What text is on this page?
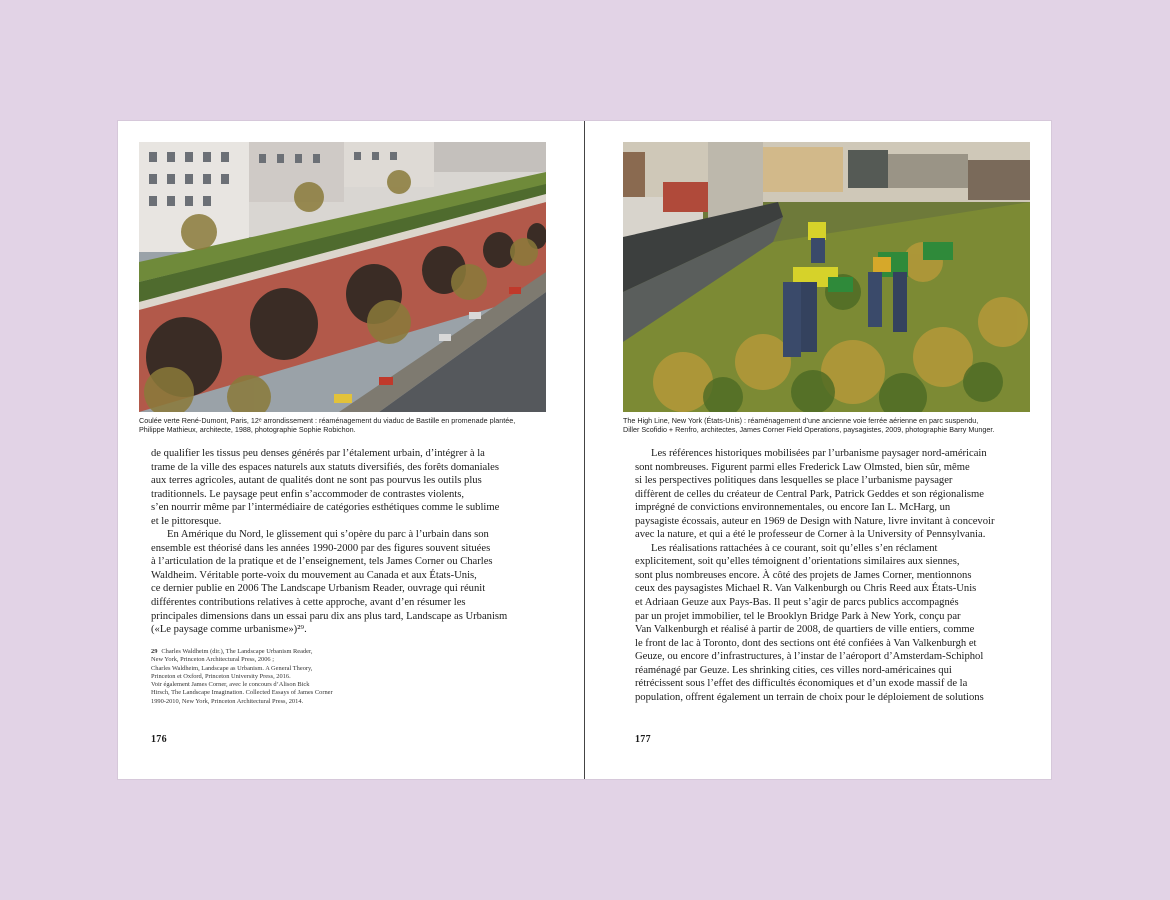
Coulée verte René-Dumont, Paris, 12ᵉ arrondissement : réaménagement du viaduc de Bastille en promenade plantée,
Philippe Mathieux, architecte, 1988, photographie Sophie Robichon.
de qualifier les tissus peu denses générés par l’étalement urbain, d’intégrer à la
trame de la ville des espaces naturels aux statuts diversifiés, des forêts domaniales
aux terres agricoles, autant de qualités dont ne sont pas pourvus les outils plus
traditionnels. Le paysage peut enfin s’accommoder de contrastes violents,
s’en nourrir même par l’intermédiaire de catégories esthétiques comme le sublime
et le pittoresque.
En Amérique du Nord, le glissement qui s’opère du parc à l’urbain dans son
ensemble est théorisé dans les années 1990-2000 par des figures souvent situées
à l’articulation de la pratique et de l’enseignement, tels James Corner ou Charles
Waldheim. Véritable porte-voix du mouvement au Canada et aux États-Unis,
ce dernier publie en 2006 The Landscape Urbanism Reader, ouvrage qui réunit
différentes contributions relatives à cette approche, avant d’en résumer les
principales dimensions dans un essai paru dix ans plus tard, Landscape as Urbanism
(«Le paysage comme urbanisme»)²⁹.
29 Charles Waldheim (dir.), The Landscape Urbanism Reader,
New York, Princeton Architectural Press, 2006 ;
Charles Waldheim, Landscape as Urbanism. A General Theory,
Princeton et Oxford, Princeton University Press, 2016.
Voir également James Corner, avec le concours d’Alison Bick
Hirsch, The Landscape Imagination. Collected Essays of James Corner
1990-2010, New York, Princeton Architectural Press, 2014.
176
The High Line, New York (États-Unis) : réaménagement d’une ancienne voie ferrée aérienne en parc suspendu,
Diller Scofidio + Renfro, architectes, James Corner Field Operations, paysagistes, 2009, photographie Barry Munger.
Les références historiques mobilisées par l’urbanisme paysager nord-américain
sont nombreuses. Figurent parmi elles Frederick Law Olmsted, bien sûr, même
si les perspectives politiques dans lesquelles se place l’urbanisme paysager
diffèrent de celles du créateur de Central Park, Patrick Geddes et son régionalisme
imprégné de convictions environnementales, ou encore Ian L. McHarg, un
paysagiste écossais, auteur en 1969 de Design with Nature, livre invitant à concevoir
avec la nature, et qui a été le professeur de Corner à la University of Pennsylvania.
Les réalisations rattachées à ce courant, soit qu’elles s’en réclament
explicitement, soit qu’elles témoignent d’orientations similaires aux siennes,
sont plus nombreuses encore. À côté des projets de James Corner, mentionnons
ceux des paysagistes Michael R. Van Valkenburgh ou Chris Reed aux États-Unis
et Adriaan Geuze aux Pays-Bas. Il peut s’agir de parcs publics accompagnés
par un projet immobilier, tel le Brooklyn Bridge Park à New York, conçu par
Van Valkenburgh et réalisé à partir de 2008, de quartiers de ville entiers, comme
le front de lac à Toronto, dont des sections ont été confiées à Van Valkenburgh et
Geuze, ou encore d’infrastructures, à l’instar de l’aéroport d’Amsterdam-Schiphol
réaménagé par Geuze. Les shrinking cities, ces villes nord-américaines qui
rétrécissent sous l’effet des difficultés économiques et d’un exode massif de la
population, offrent également un terrain de choix pour le déploiement de solutions
177
